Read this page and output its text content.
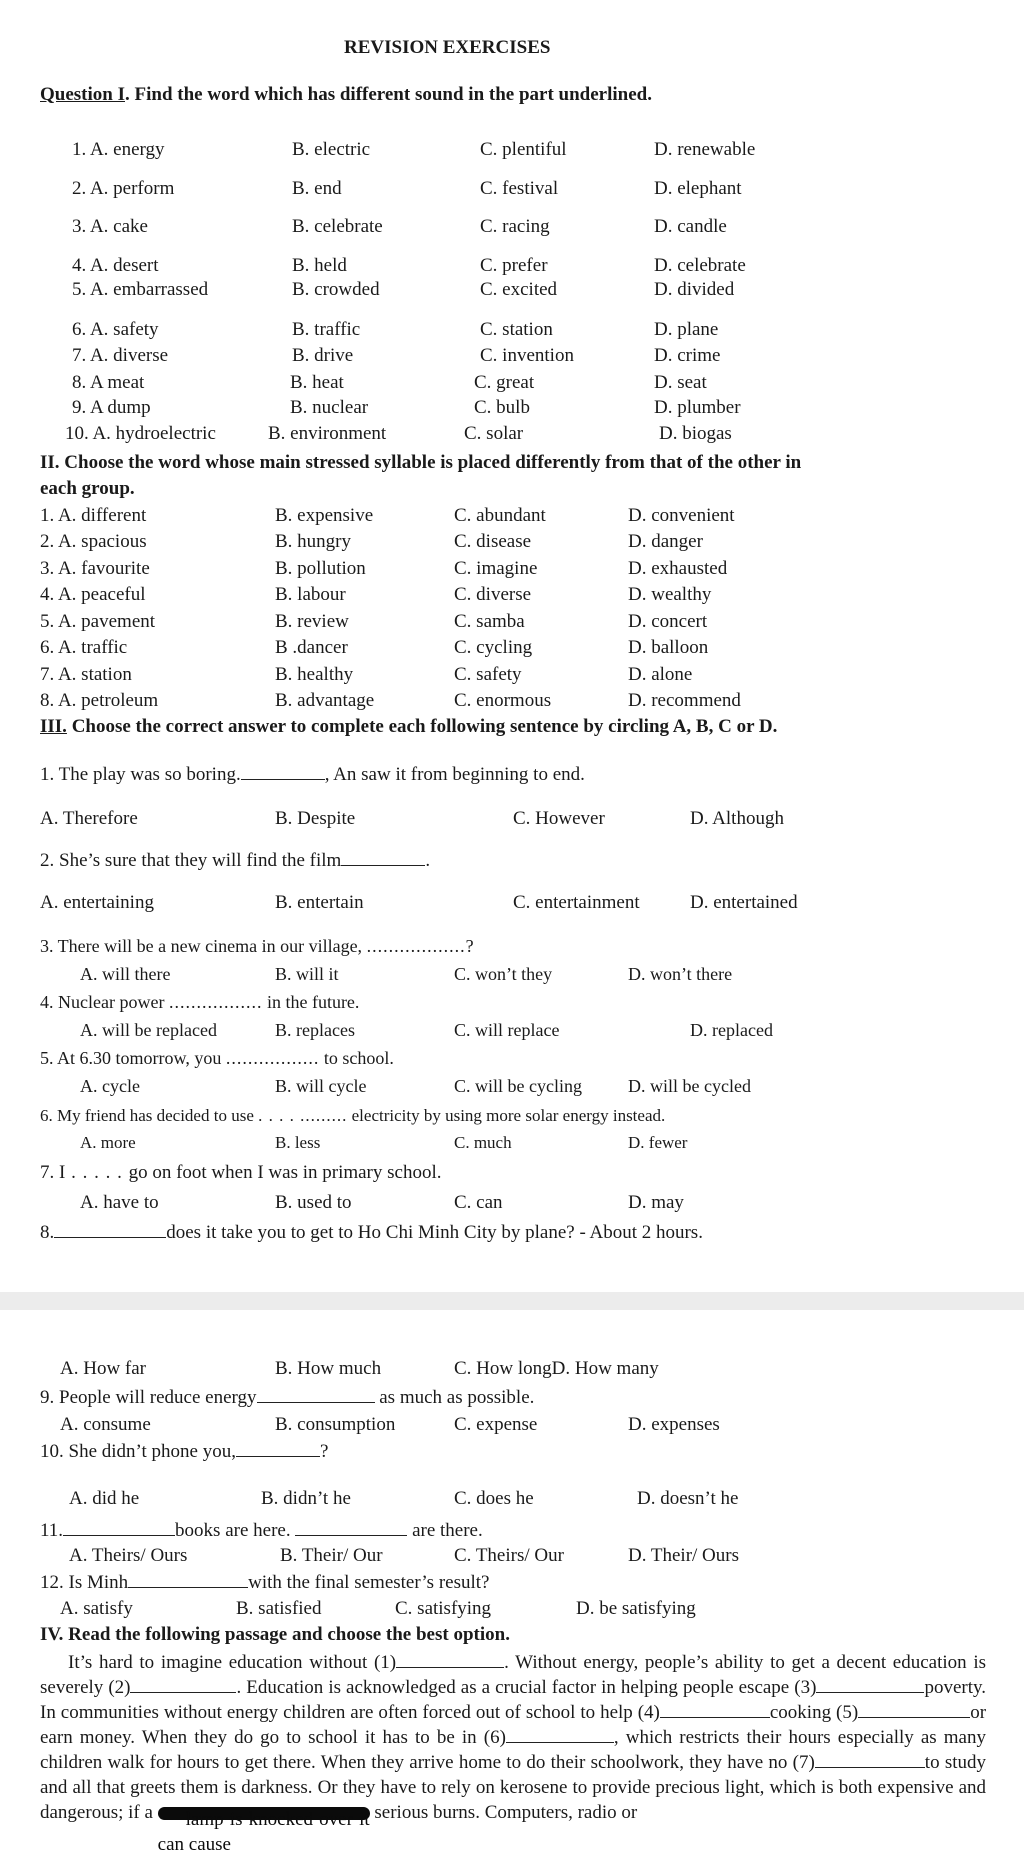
REVISION EXERCISES
Question I. Find the word which has different sound in the part underlined.
1. A. energy	B. electric	C. plentiful	D. renewable
2. A. perform	B. end	C. festival	D. elephant
3. A. cake	B. celebrate	C. racing	D. candle
4. A. desert	B. held	C. prefer	D. celebrate
5. A. embarrassed	B. crowded	C. excited	D. divided
6. A. safety	B. traffic	C. station	D. plane
7. A. diverse	B. drive	C. invention	D. crime
8. A meat	B. heat	C. great	D. seat
9. A dump	B. nuclear	C. bulb	D. plumber
10. A. hydroelectric	B. environment	C. solar	D. biogas
II. Choose the word whose main stressed syllable is placed differently from that of the other in
each group.
1. A. different	B. expensive	C. abundant	D. convenient
2. A. spacious	B. hungry	C. disease	D. danger
3. A. favourite	B. pollution	C. imagine	D. exhausted
4. A. peaceful	B. labour	C. diverse	D. wealthy
5. A. pavement	B. review	C. samba	D. concert
6. A. traffic	B .dancer	C. cycling	D. balloon
7. A. station	B. healthy	C. safety	D. alone
8. A. petroleum	B. advantage	C. enormous	D. recommend
III. Choose the correct answer to complete each following sentence by circling A, B, C or D.
1. The play was so boring.	, An saw it from beginning to end.
A. Therefore	B. Despite	C. However	D. Although
2. She’s sure that they will find the film	.
A. entertaining	B. entertain	C. entertainment	D. entertained
3. There will be a new cinema in our village, ..................?
A. will there	B. will it	C. won’t they	D. won’t there
4. Nuclear power ................. in the future.
A. will be replaced	B. replaces	C. will replace	D. replaced
5. At 6.30 tomorrow, you ................. to school.
A. cycle	B. will cycle	C. will be cycling	D. will be cycled
6. My friend has decided to use . . . . ......... electricity by using more solar energy instead.
A. more	B. less	C. much	D. fewer
7. I . . . . . go on foot when I was in primary school.
A. have to	B. used to	C. can	D. may
8.	does it take you to get to Ho Chi Minh City by plane? - About 2 hours.
A. How far	B. How much	C. How longD. How many
9. People will reduce energy	as much as possible.
A. consume	B. consumption	C. expense	D. expenses
10. She didn’t phone you,	?
A. did he	B. didn’t he	C. does he	D. doesn’t he
11.	books are here.	are there.
A. Theirs/ Ours	B. Their/ Our	C. Theirs/ Our	D. Their/ Ours
12. Is Minh	with the final semester’s result?
A. satisfy	B. satisfied	C. satisfying	D. be satisfying
IV. Read the following passage and choose the best option.
It’s hard to imagine education without (1)	. Without energy, people’s ability to get a decent education is severely (2)	. Education is acknowledged as a crucial factor in helping people escape (3)	poverty. In communities without energy children are often forced out of school to help (4)	cooking (5)	or earn money. When they do go to school it has to be in (6)	, which restricts their hours especially as many children walk for hours to get there. When they arrive home to do their schoolwork, they have no (7)	to study and all that greets them is darkness. Or they have to rely on kerosene to provide precious light, which is both expensive and dangerous; if a lamp is knocked over it can cause serious burns. Computers, radio or
